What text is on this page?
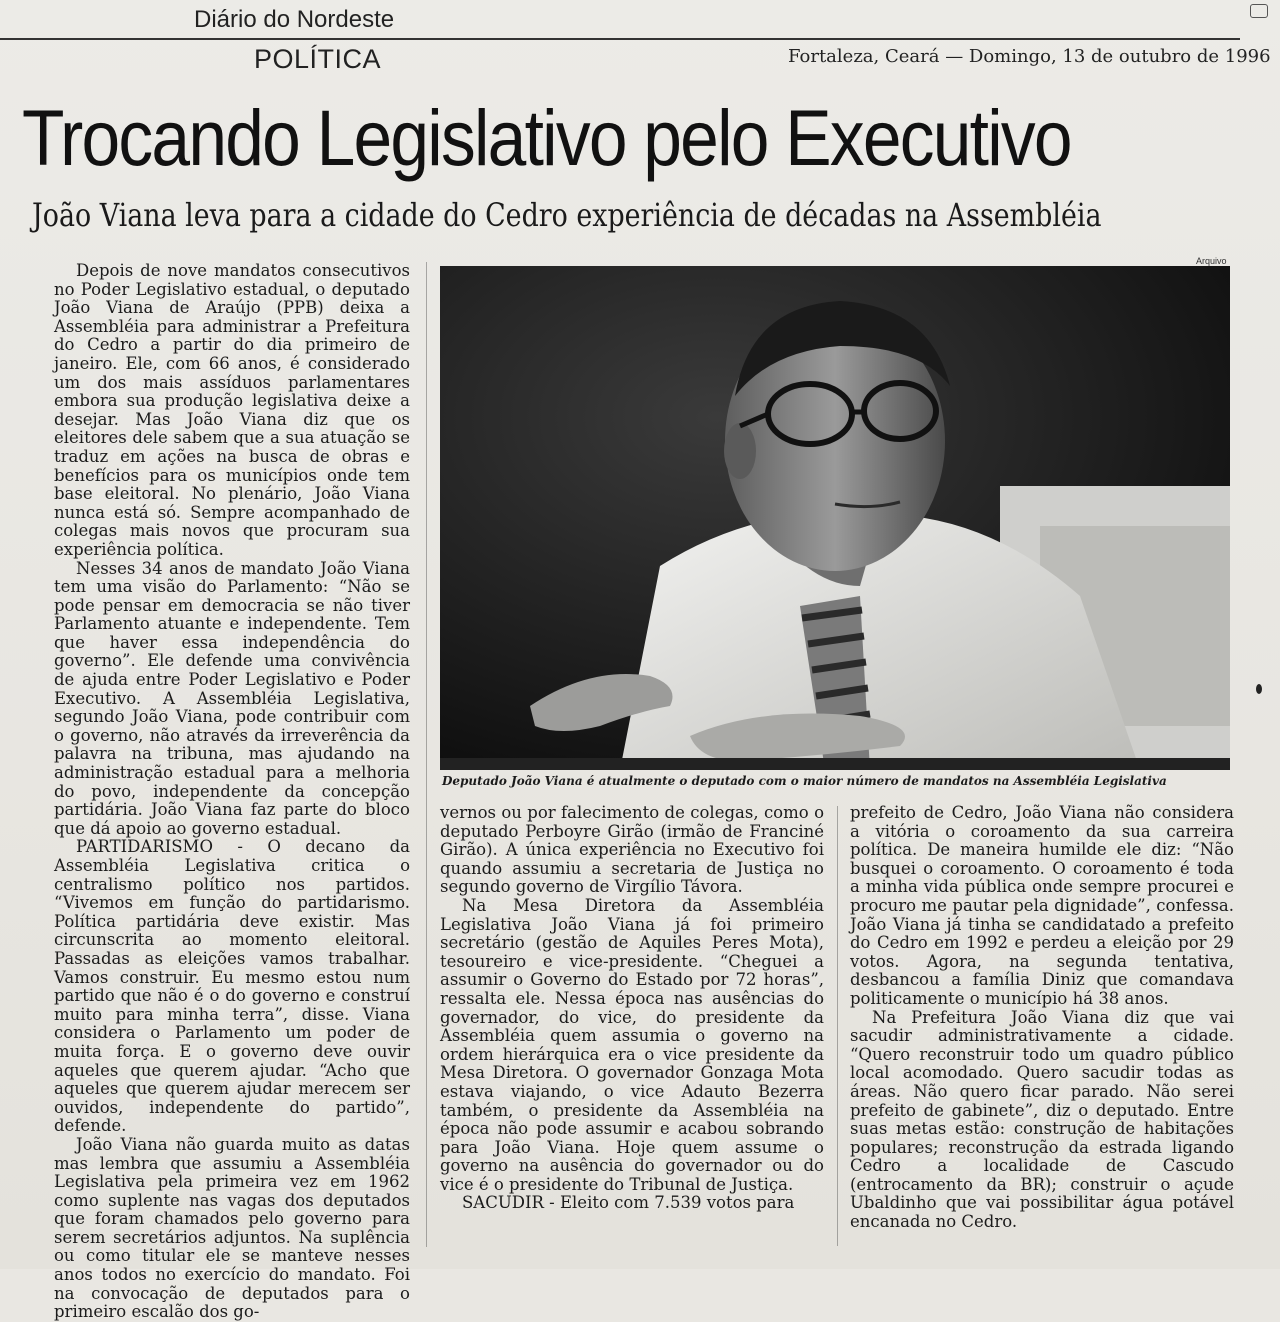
Diário do Nordeste
POLÍTICA	Fortaleza, Ceará — Domingo, 13 de outubro de 1996
Trocando Legislativo pelo Executivo
João Viana leva para a cidade do Cedro experiência de décadas na Assembléia

Depois de nove mandatos consecutivos no Poder Legislativo estadual, o deputado João Viana de Araújo (PPB) deixa a Assembléia para administrar a Prefeitura do Cedro a partir do dia primeiro de janeiro. Ele, com 66 anos, é considerado um dos mais assíduos parlamentares embora sua produção legislativa deixe a desejar. Mas João Viana diz que os eleitores dele sabem que a sua atuação se traduz em ações na busca de obras e benefícios para os municípios onde tem base eleitoral. No plenário, João Viana nunca está só. Sempre acompanhado de colegas mais novos que procuram sua experiência política.

Nesses 34 anos de mandato João Viana tem uma visão do Parlamento: “Não se pode pensar em democracia se não tiver Parlamento atuante e independente. Tem que haver essa independência do governo”. Ele defende uma convivência de ajuda entre Poder Legislativo e Poder Executivo. A Assembléia Legislativa, segundo João Viana, pode contribuir com o governo, não através da irreverência da palavra na tribuna, mas ajudando na administração estadual para a melhoria do povo, independente da concepção partidária. João Viana faz parte do bloco que dá apoio ao governo estadual.

PARTIDARISMO - O decano da Assembléia Legislativa critica o centralismo político nos partidos. “Vivemos em função do partidarismo. Política partidária deve existir. Mas circunscrita ao momento eleitoral. Passadas as eleições vamos trabalhar. Vamos construir. Eu mesmo estou num partido que não é o do governo e construí muito para minha terra”, disse. Viana considera o Parlamento um poder de muita força. E o governo deve ouvir aqueles que querem ajudar. “Acho que aqueles que querem ajudar merecem ser ouvidos, independente do partido”, defende.

João Viana não guarda muito as datas mas lembra que assumiu a Assembléia Legislativa pela primeira vez em 1962 como suplente nas vagas dos deputados que foram chamados pelo governo para serem secretários adjuntos. Na suplência ou como titular ele se manteve nesses anos todos no exercício do mandato. Foi na convocação de deputados para o primeiro escalão dos go-

Arquivo
Deputado João Viana é atualmente o deputado com o maior número de mandatos na Assembléia Legislativa

vernos ou por falecimento de colegas, como o deputado Perboyre Girão (irmão de Franciné Girão). A única experiência no Executivo foi quando assumiu a secretaria de Justiça no segundo governo de Virgílio Távora.

Na Mesa Diretora da Assembléia Legislativa João Viana já foi primeiro secretário (gestão de Aquiles Peres Mota), tesoureiro e vice-presidente. “Cheguei a assumir o Governo do Estado por 72 horas”, ressalta ele. Nessa época nas ausências do governador, do vice, do presidente da Assembléia quem assumia o governo na ordem hierárquica era o vice presidente da Mesa Diretora. O governador Gonzaga Mota estava viajando, o vice Adauto Bezerra também, o presidente da Assembléia na época não pode assumir e acabou sobrando para João Viana. Hoje quem assume o governo na ausência do governador ou do vice é o presidente do Tribunal de Justiça.

SACUDIR - Eleito com 7.539 votos para

prefeito de Cedro, João Viana não considera a vitória o coroamento da sua carreira política. De maneira humilde ele diz: “Não busquei o coroamento. O coroamento é toda a minha vida pública onde sempre procurei e procuro me pautar pela dignidade”, confessa. João Viana já tinha se candidatado a prefeito do Cedro em 1992 e perdeu a eleição por 29 votos. Agora, na segunda tentativa, desbancou a família Diniz que comandava politicamente o município há 38 anos.

Na Prefeitura João Viana diz que vai sacudir administrativamente a cidade. “Quero reconstruir todo um quadro público local acomodado. Quero sacudir todas as áreas. Não quero ficar parado. Não serei prefeito de gabinete”, diz o deputado. Entre suas metas estão: construção de habitações populares; reconstrução da estrada ligando Cedro a localidade de Cascudo (entrocamento da BR); construir o açude Ubaldinho que vai possibilitar água potável encanada no Cedro.
